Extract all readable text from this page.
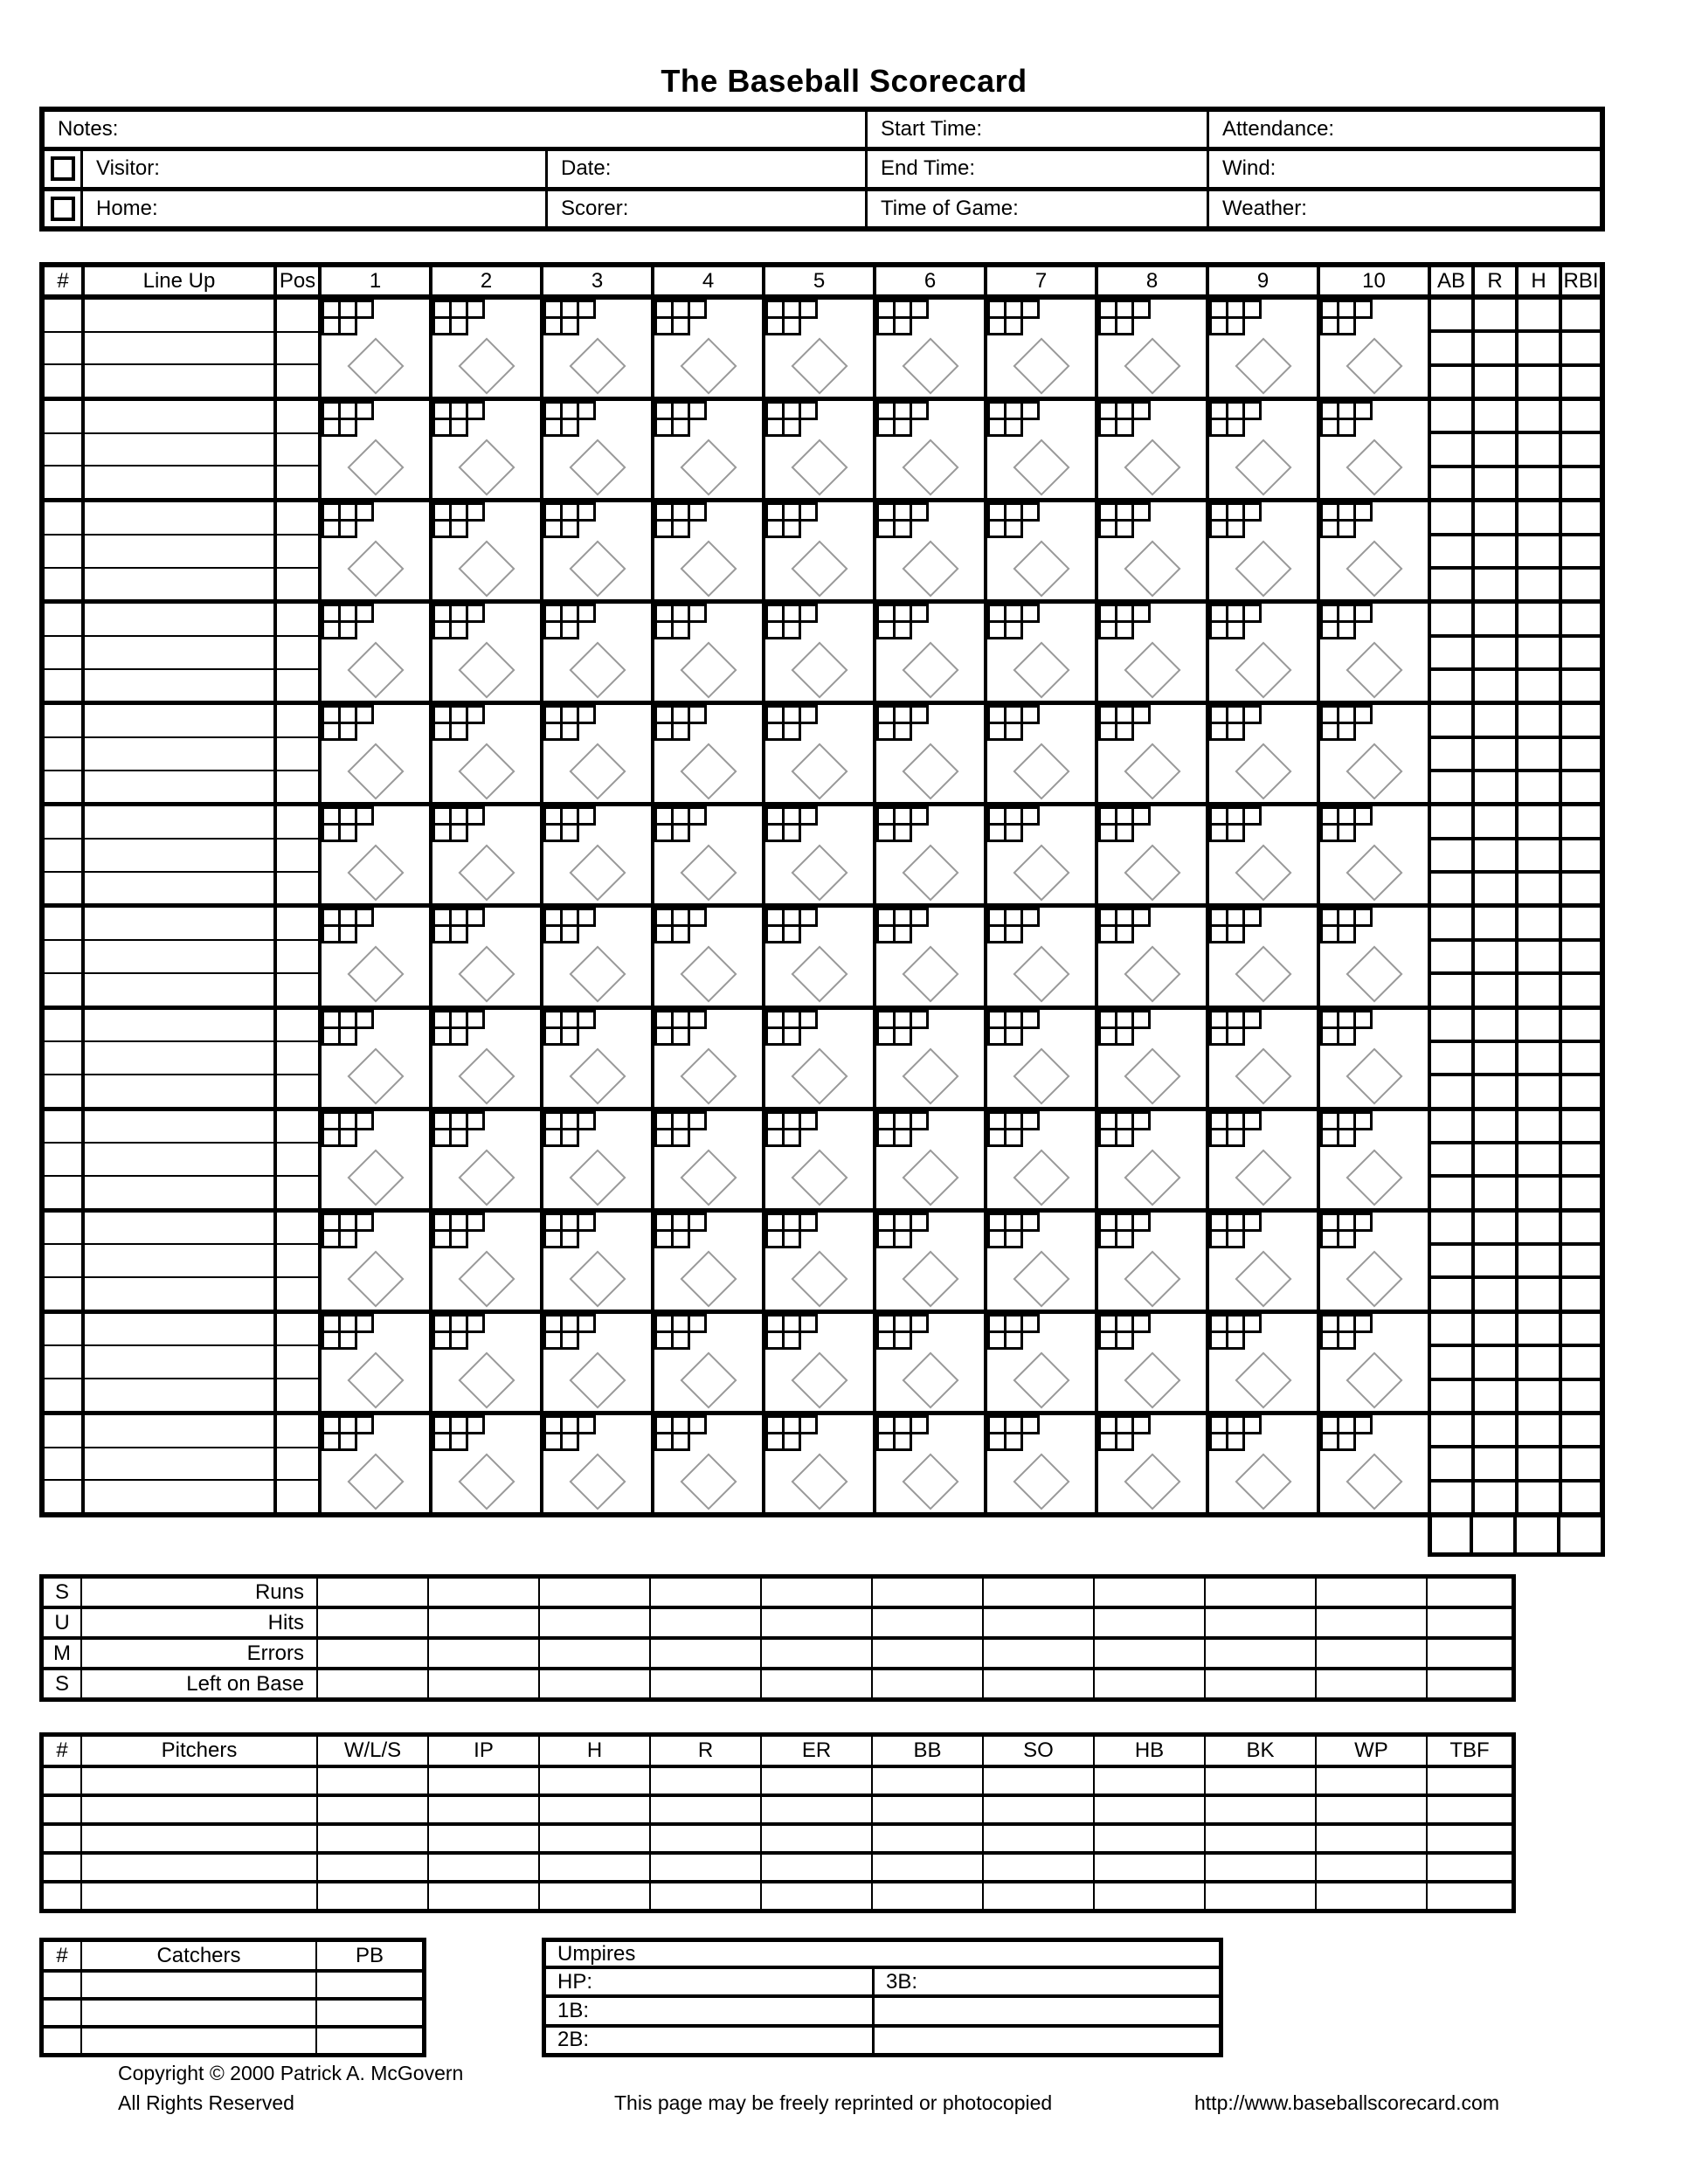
The Baseball Scorecard
Notes:	Start Time:	Attendance:
Visitor:	Date:	End Time:	Wind:
Home:	Scorer:	Time of Game:	Weather:
#	Line Up	Pos	1	2	3	4	5	6	7	8	9	10	AB	R	H RBI
S	Runs
U	Hits
M	Errors
S	Left on Base
#	Pitchers	W/L/S	IP	H	R	ER	BB	SO	HB	BK	WP	TBF
#	Catchers	PB	Umpires
HP:	3B:
1B:
2B:
Copyright © 2000 Patrick A. McGovern
All Rights Reserved	This page may be freely reprinted or photocopied	http://www.baseballscorecard.com
